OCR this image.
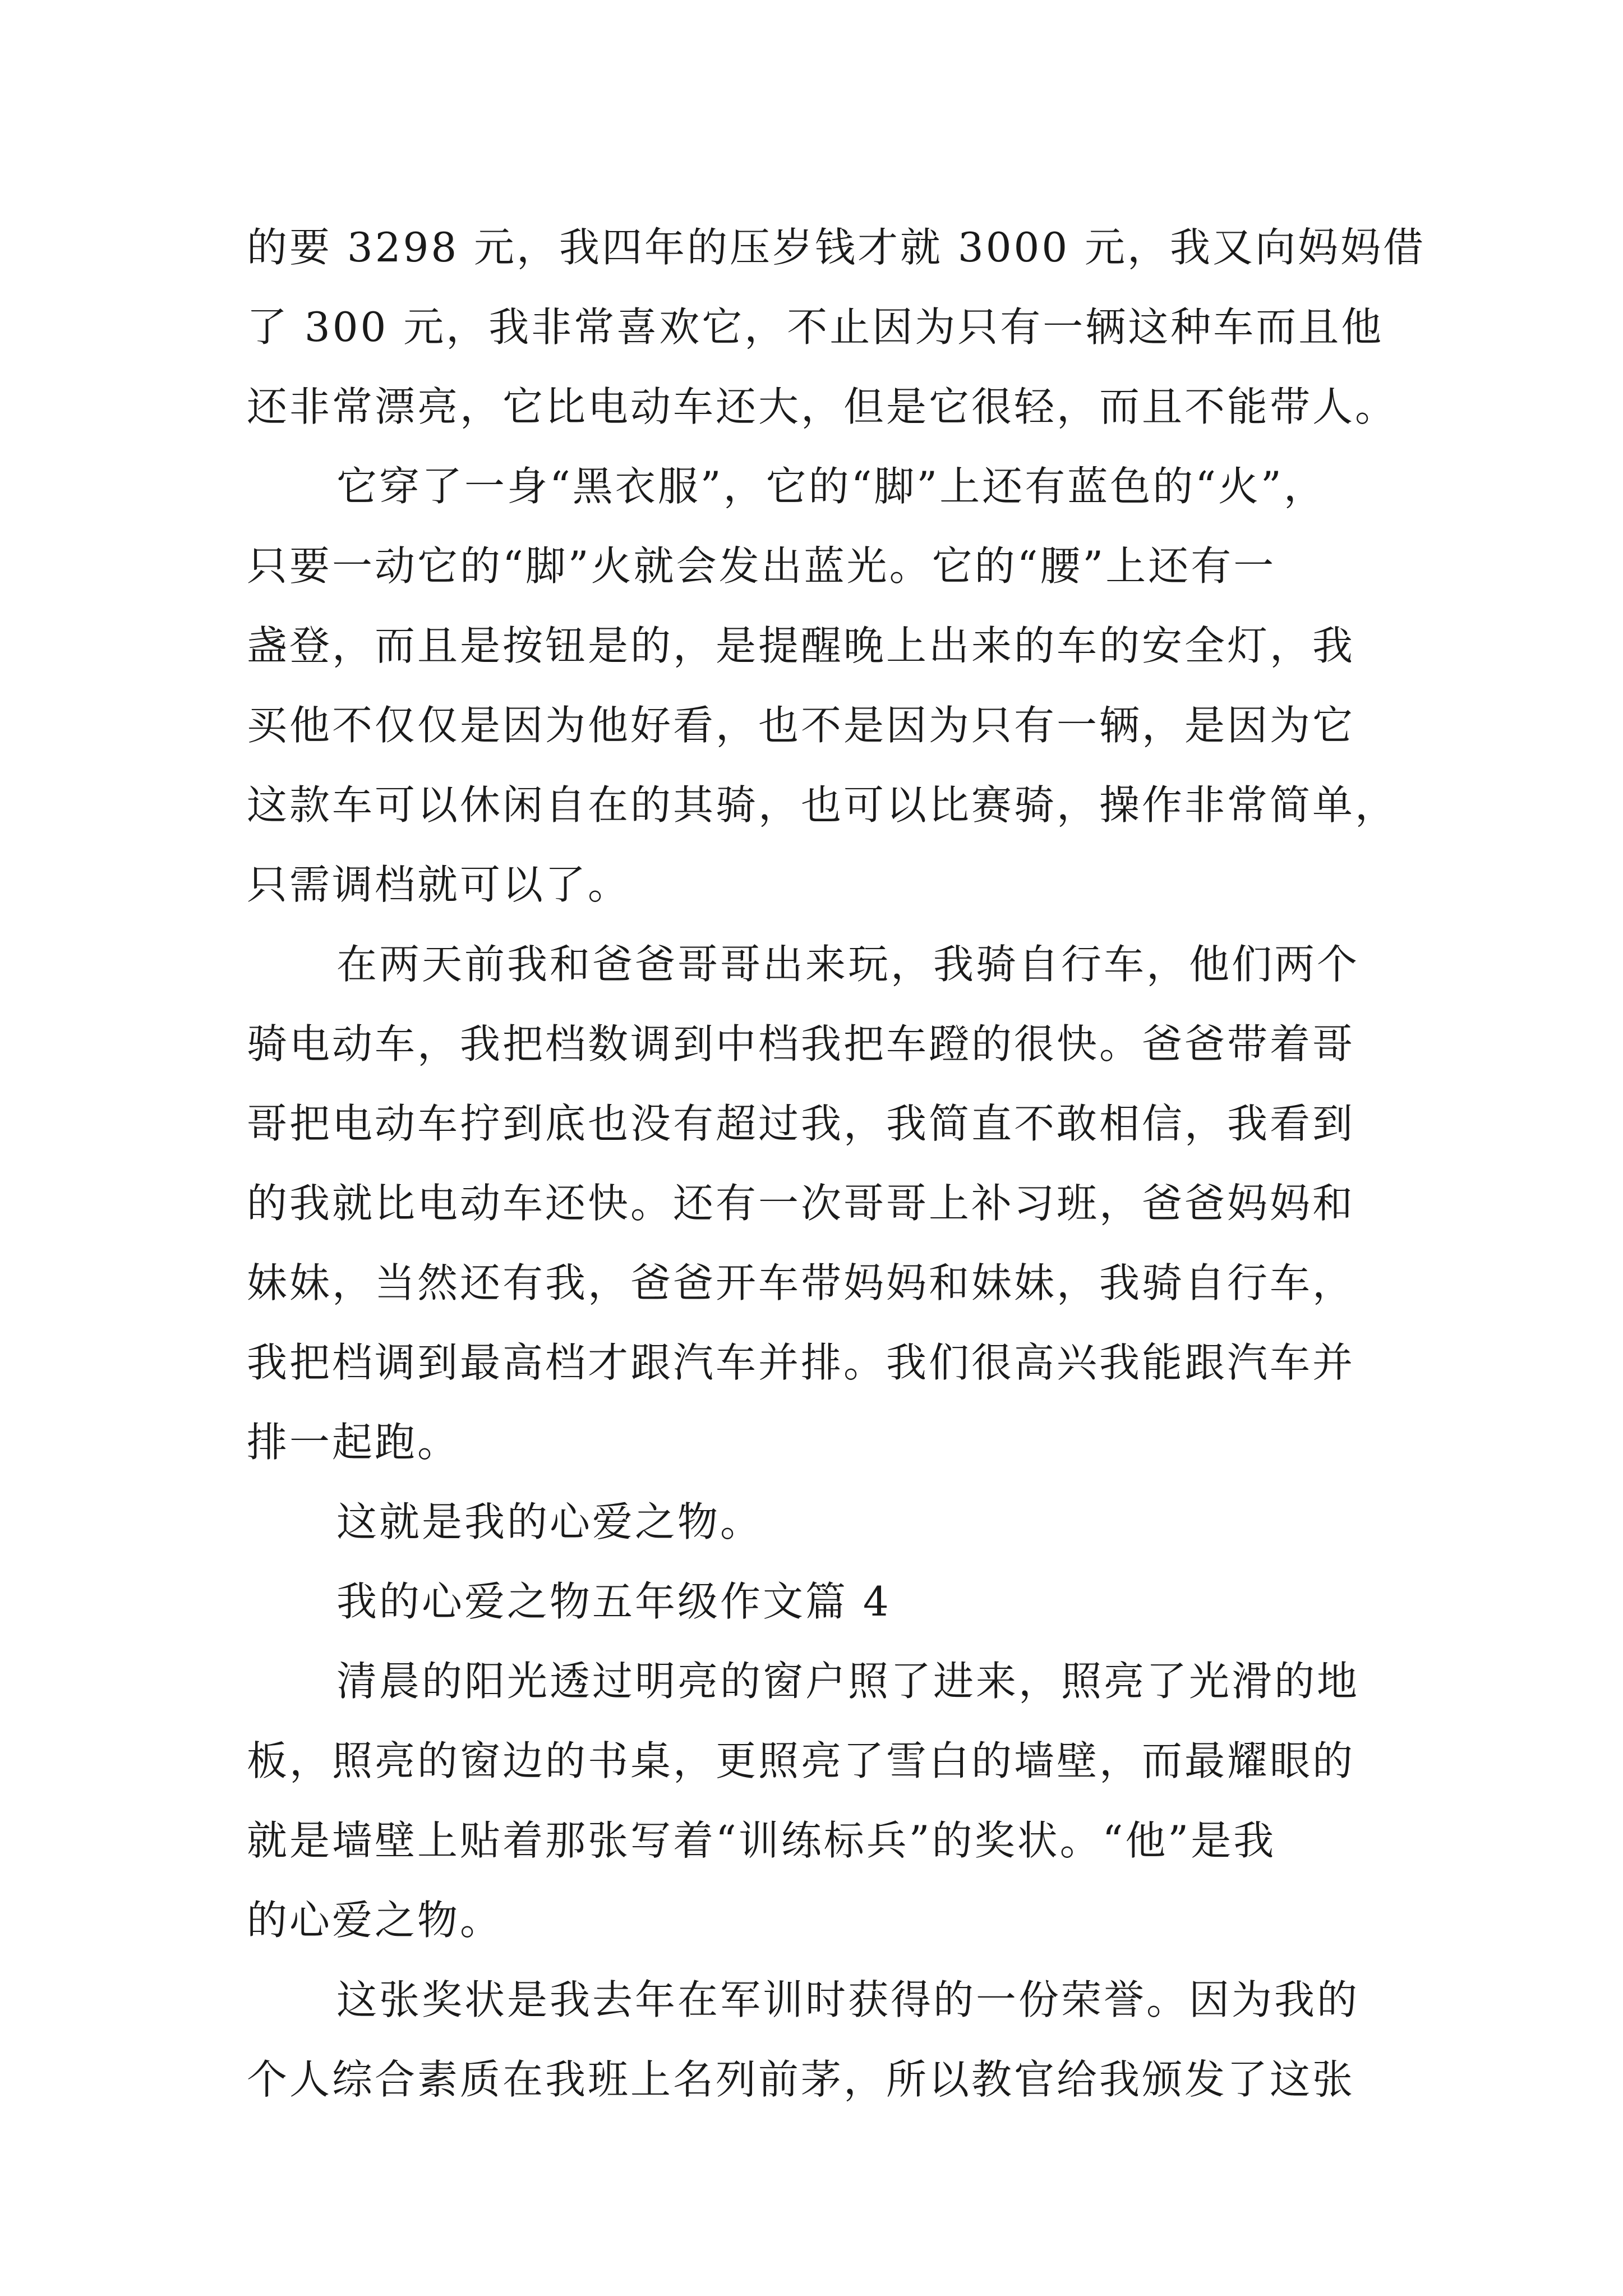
的要 3298 元，我四年的压岁钱才就 3000 元，我又向妈妈借
了 300 元，我非常喜欢它，不止因为只有一辆这种车而且他
还非常漂亮，它比电动车还大，但是它很轻，而且不能带人。
它穿了一身“黑衣服”，它的“脚”上还有蓝色的“火”，
只要一动它的“脚”火就会发出蓝光。它的“腰”上还有一
盏登，而且是按钮是的，是提醒晚上出来的车的安全灯，我
买他不仅仅是因为他好看，也不是因为只有一辆，是因为它
这款车可以休闲自在的其骑，也可以比赛骑，操作非常简单，
只需调档就可以了。
在两天前我和爸爸哥哥出来玩，我骑自行车，他们两个
骑电动车，我把档数调到中档我把车蹬的很快。爸爸带着哥
哥把电动车拧到底也没有超过我，我简直不敢相信，我看到
的我就比电动车还快。还有一次哥哥上补习班，爸爸妈妈和
妹妹，当然还有我，爸爸开车带妈妈和妹妹，我骑自行车，
我把档调到最高档才跟汽车并排。我们很高兴我能跟汽车并
排一起跑。
这就是我的心爱之物。
我的心爱之物五年级作文篇 4
清晨的阳光透过明亮的窗户照了进来，照亮了光滑的地
板，照亮的窗边的书桌，更照亮了雪白的墙壁，而最耀眼的
就是墙壁上贴着那张写着“训练标兵”的奖状。“他”是我
的心爱之物。
这张奖状是我去年在军训时获得的一份荣誉。因为我的
个人综合素质在我班上名列前茅，所以教官给我颁发了这张
